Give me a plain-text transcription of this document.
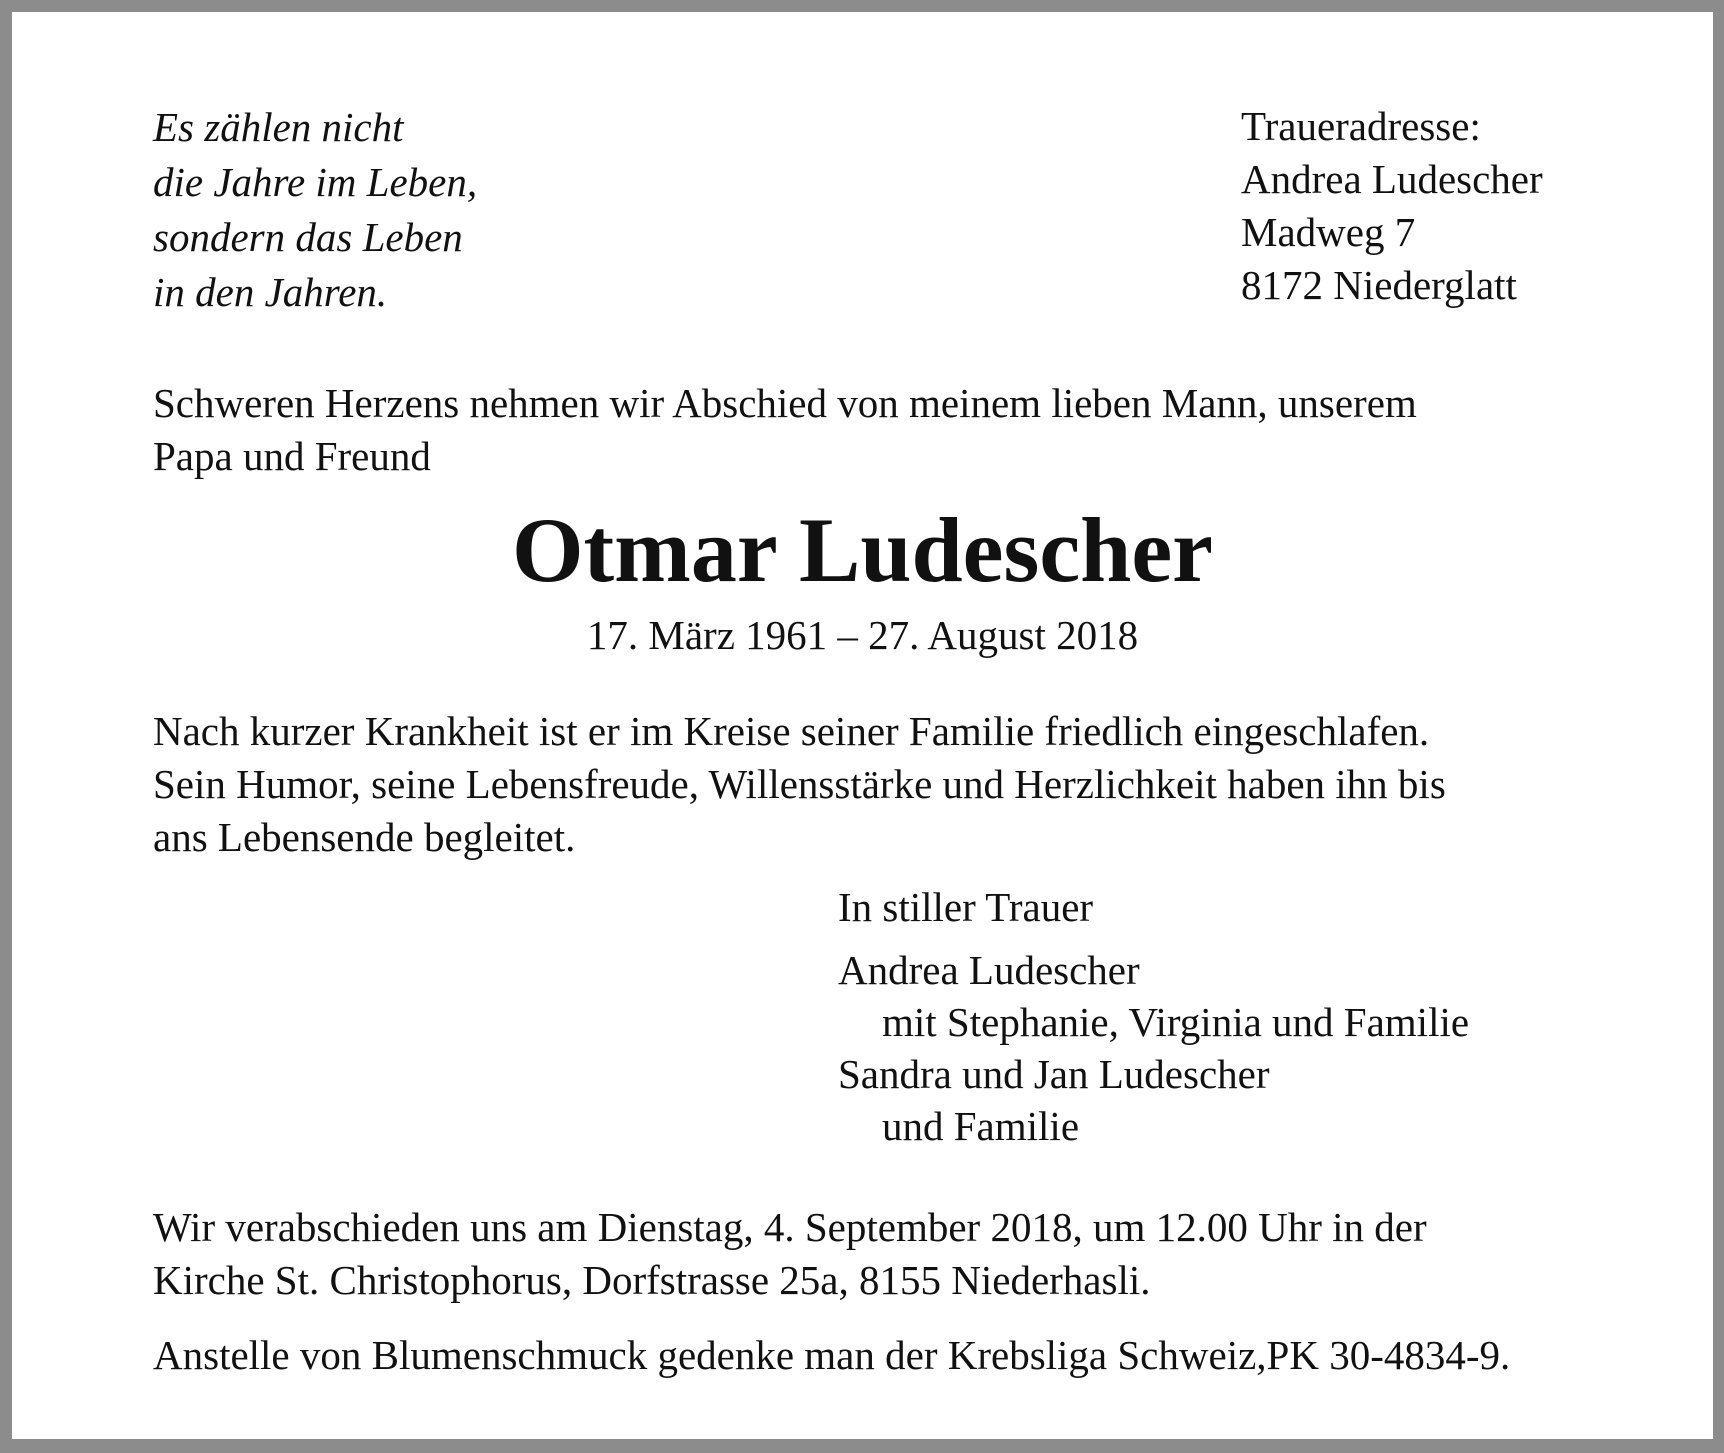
Es zählen nicht
die Jahre im Leben,
sondern das Leben
in den Jahren.
Traueradresse:
Andrea Ludescher
Madweg 7
8172 Niederglatt
Schweren Herzens nehmen wir Abschied von meinem lieben Mann, unserem
Papa und Freund
Otmar Ludescher
17. März 1961 – 27. August 2018
Nach kurzer Krankheit ist er im Kreise seiner Familie friedlich eingeschlafen.
Sein Humor, seine Lebensfreude, Willensstärke und Herzlichkeit haben ihn bis
ans Lebensende begleitet.
In stiller Trauer
Andrea Ludescher
mit Stephanie, Virginia und Familie
Sandra und Jan Ludescher
und Familie
Wir verabschieden uns am Dienstag, 4. September 2018, um 12.00 Uhr in der
Kirche St. Christophorus, Dorfstrasse 25a, 8155 Niederhasli.
Anstelle von Blumenschmuck gedenke man der Krebsliga Schweiz,PK 30-4834-9.
